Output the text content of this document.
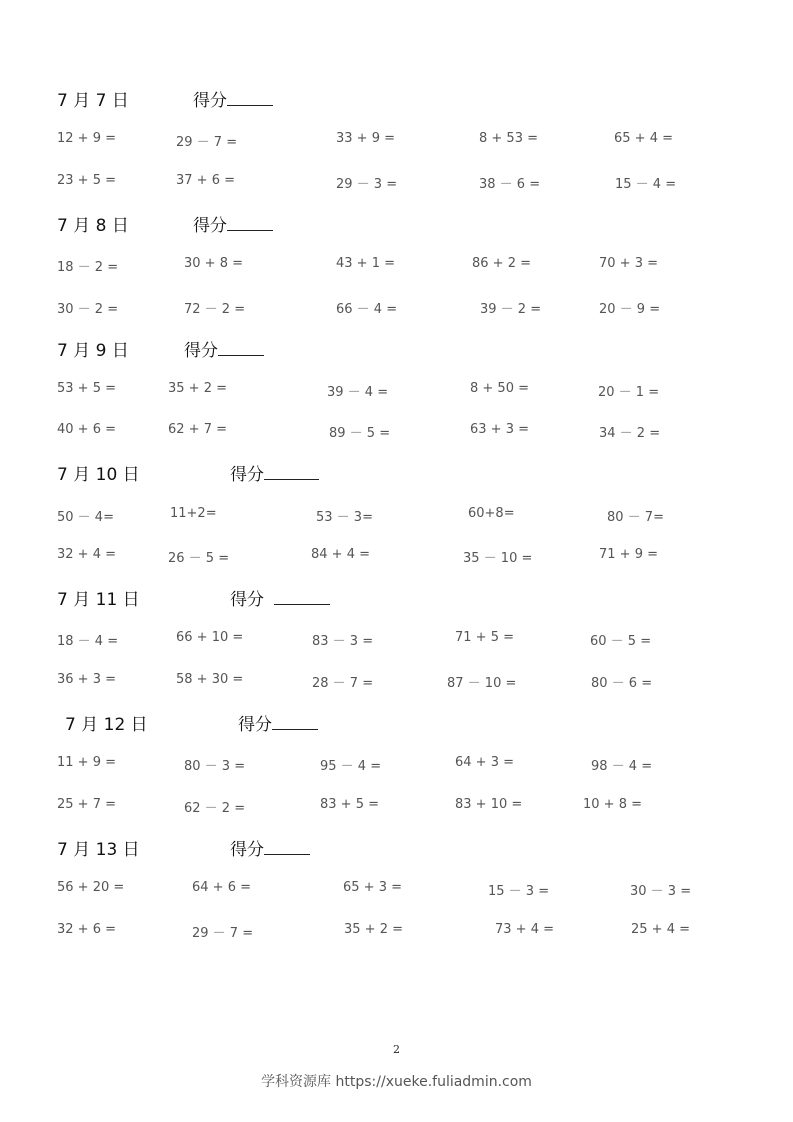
7 月 7 日	得分
12 + 9 =	29 － 7 =	33 + 9 =	8 + 53 =	65 + 4 =
23 + 5 =	37 + 6 =	29 － 3 =	38 － 6 =	15 － 4 =
7 月 8 日	得分
18 － 2 =	30 + 8 =	43 + 1 =	86 + 2 =	70 + 3 =
30 － 2 =	72 － 2 =	66 － 4 =	39 － 2 =	20 － 9 =
7 月 9 日	得分
53 + 5 =	35 + 2 =	39 － 4 =	8 + 50 =	20 － 1 =
40 + 6 =	62 + 7 =	89 － 5 =	63 + 3 =	34 － 2 =
7 月 10 日	得分
50 － 4=	11+2=	53 － 3=	60+8=	80 － 7=
32 + 4 =	26 － 5 =	84 + 4 =	35 － 10 =	71 + 9 =
7 月 11 日	得分
18 － 4 =	66 + 10 =	83 － 3 =	71 + 5 =	60 － 5 =
36 + 3 =	58 + 30 =	28 － 7 =	87 － 10 =	80 － 6 =
7 月 12 日	得分
11 + 9 =	80 － 3 =	95 － 4 =	64 + 3 =	98 － 4 =
25 + 7 =	62 － 2 =	83 + 5 =	83 + 10 =	10 + 8 =
7 月 13 日	得分
56 + 20 =	64 + 6 =	65 + 3 =	15 － 3 =	30 － 3 =
32 + 6 =	29 － 7 =	35 + 2 =	73 + 4 =	25 + 4 =
2
学科资源库 https://xueke.fuliadmin.com
